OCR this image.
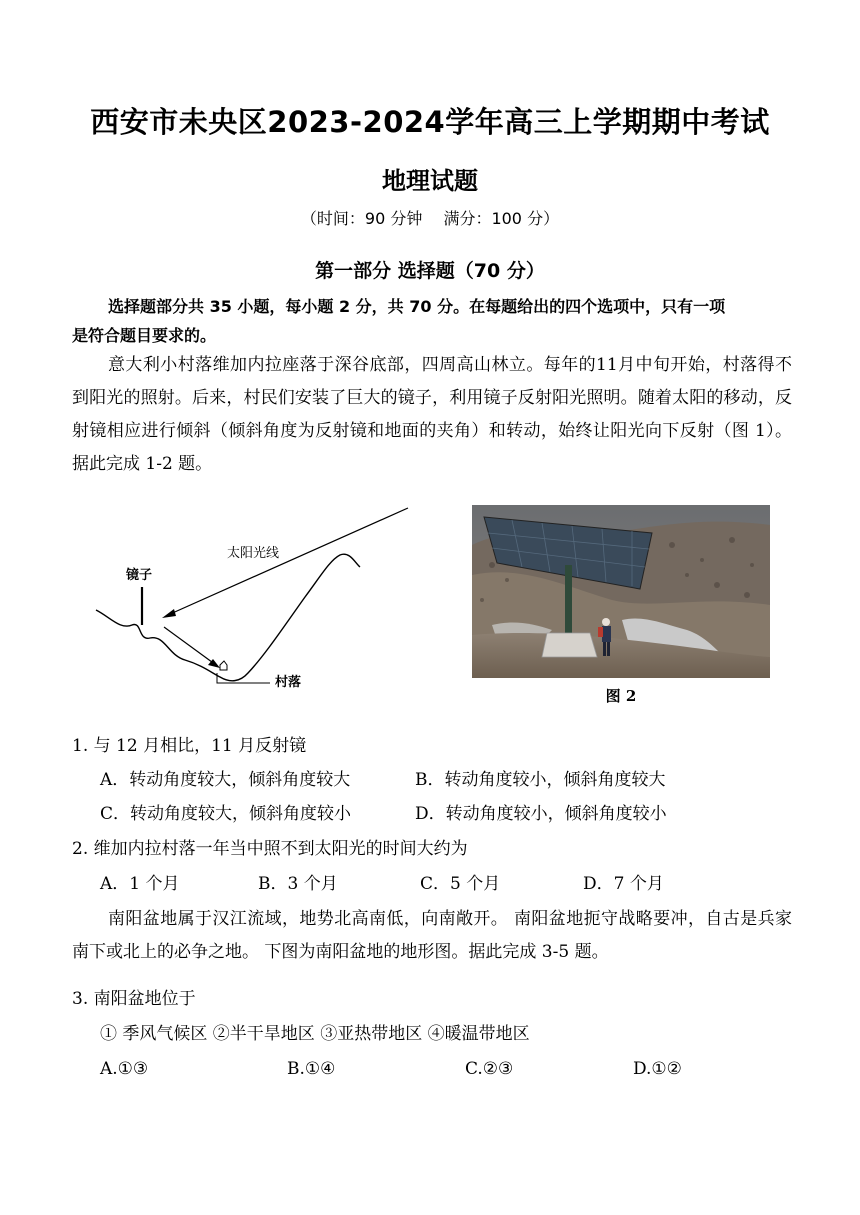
西安市未央区2023-2024学年高三上学期期中考试
地理试题
（时间：90 分钟　 满分：100 分）
第一部分 选择题（70 分）
选择题部分共 35 小题，每小题 2 分，共 70 分。在每题给出的四个选项中，只有一项
是符合题目要求的。
意大利小村落维加内拉座落于深谷底部，四周高山林立。每年的11月中旬开始，村落得不到阳光的照射。后来，村民们安装了巨大的镜子，利用镜子反射阳光照明。随着太阳的移动，反射镜相应进行倾斜（倾斜角度为反射镜和地面的夹角）和转动，始终让阳光向下反射（图 1）。据此完成 1-2 题。
太阳光线
镜子
村落
图 2
1. 与 12 月相比，11 月反射镜
A．转动角度较大，倾斜角度较大	B．转动角度较小，倾斜角度较大
C．转动角度较大，倾斜角度较小	D．转动角度较小，倾斜角度较小
2. 维加内拉村落一年当中照不到太阳光的时间大约为
A．1 个月	B．3 个月	C．5 个月	D．7 个月
南阳盆地属于汉江流域，地势北高南低，向南敞开。 南阳盆地扼守战略要冲，自古是兵家南下或北上的必争之地。 下图为南阳盆地的地形图。据此完成 3-5 题。
3. 南阳盆地位于
① 季风气候区 ②半干旱地区 ③亚热带地区 ④暖温带地区
A.①③	B.①④	C.②③	D.①②
